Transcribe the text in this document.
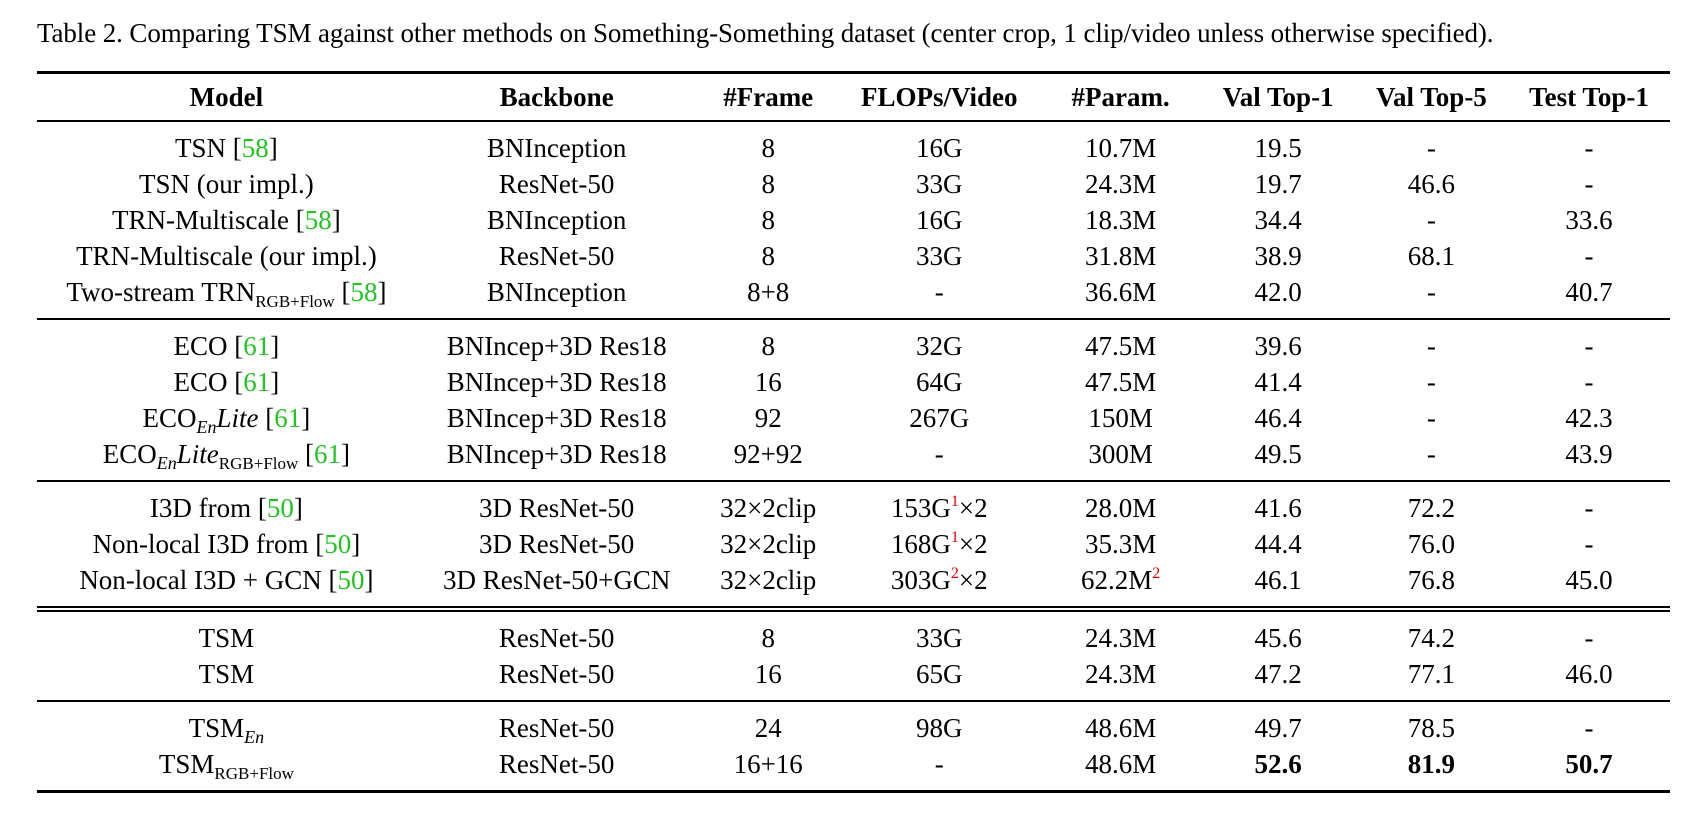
Table 2. Comparing TSM against other methods on Something-Something dataset (center crop, 1 clip/video unless otherwise specified).
Model	Backbone	#Frame	FLOPs/Video	#Param.	Val Top-1	Val Top-5	Test Top-1
TSN [58]	BNInception	8	16G	10.7M	19.5	-	-
TSN (our impl.)	ResNet-50	8	33G	24.3M	19.7	46.6	-
TRN-Multiscale [58]	BNInception	8	16G	18.3M	34.4	-	33.6
TRN-Multiscale (our impl.)	ResNet-50	8	33G	31.8M	38.9	68.1	-
Two-stream $TRN_{RGB+Flow}$ [58]	BNInception	8+8	-	36.6M	42.0	-	40.7
ECO [61]	BNIncep+3D Res18	8	32G	47.5M	39.6	-	-
ECO [61]	BNIncep+3D Res18	16	64G	47.5M	41.4	-	-
$ECO_{En}Lite$ [61]	BNIncep+3D Res18	92	267G	150M	46.4	-	42.3
$ECO_{En}Lite_{RGB+Flow}$ [61]	BNIncep+3D Res18	92+92	-	300M	49.5	-	43.9
I3D from [50]	3D ResNet-50	32×2clip	153G$^1$×2	28.0M	41.6	72.2	-
Non-local I3D from [50]	3D ResNet-50	32×2clip	168G$^1$×2	35.3M	44.4	76.0	-
Non-local I3D + GCN [50]	3D ResNet-50+GCN	32×2clip	303G$^2$×2	62.2M$^2$	46.1	76.8	45.0
TSM	ResNet-50	8	33G	24.3M	45.6	74.2	-
TSM	ResNet-50	16	65G	24.3M	47.2	77.1	46.0
$TSM_{En}$	ResNet-50	24	98G	48.6M	49.7	78.5	-
$TSM_{RGB+Flow}$	ResNet-50	16+16	-	48.6M	52.6	81.9	50.7
